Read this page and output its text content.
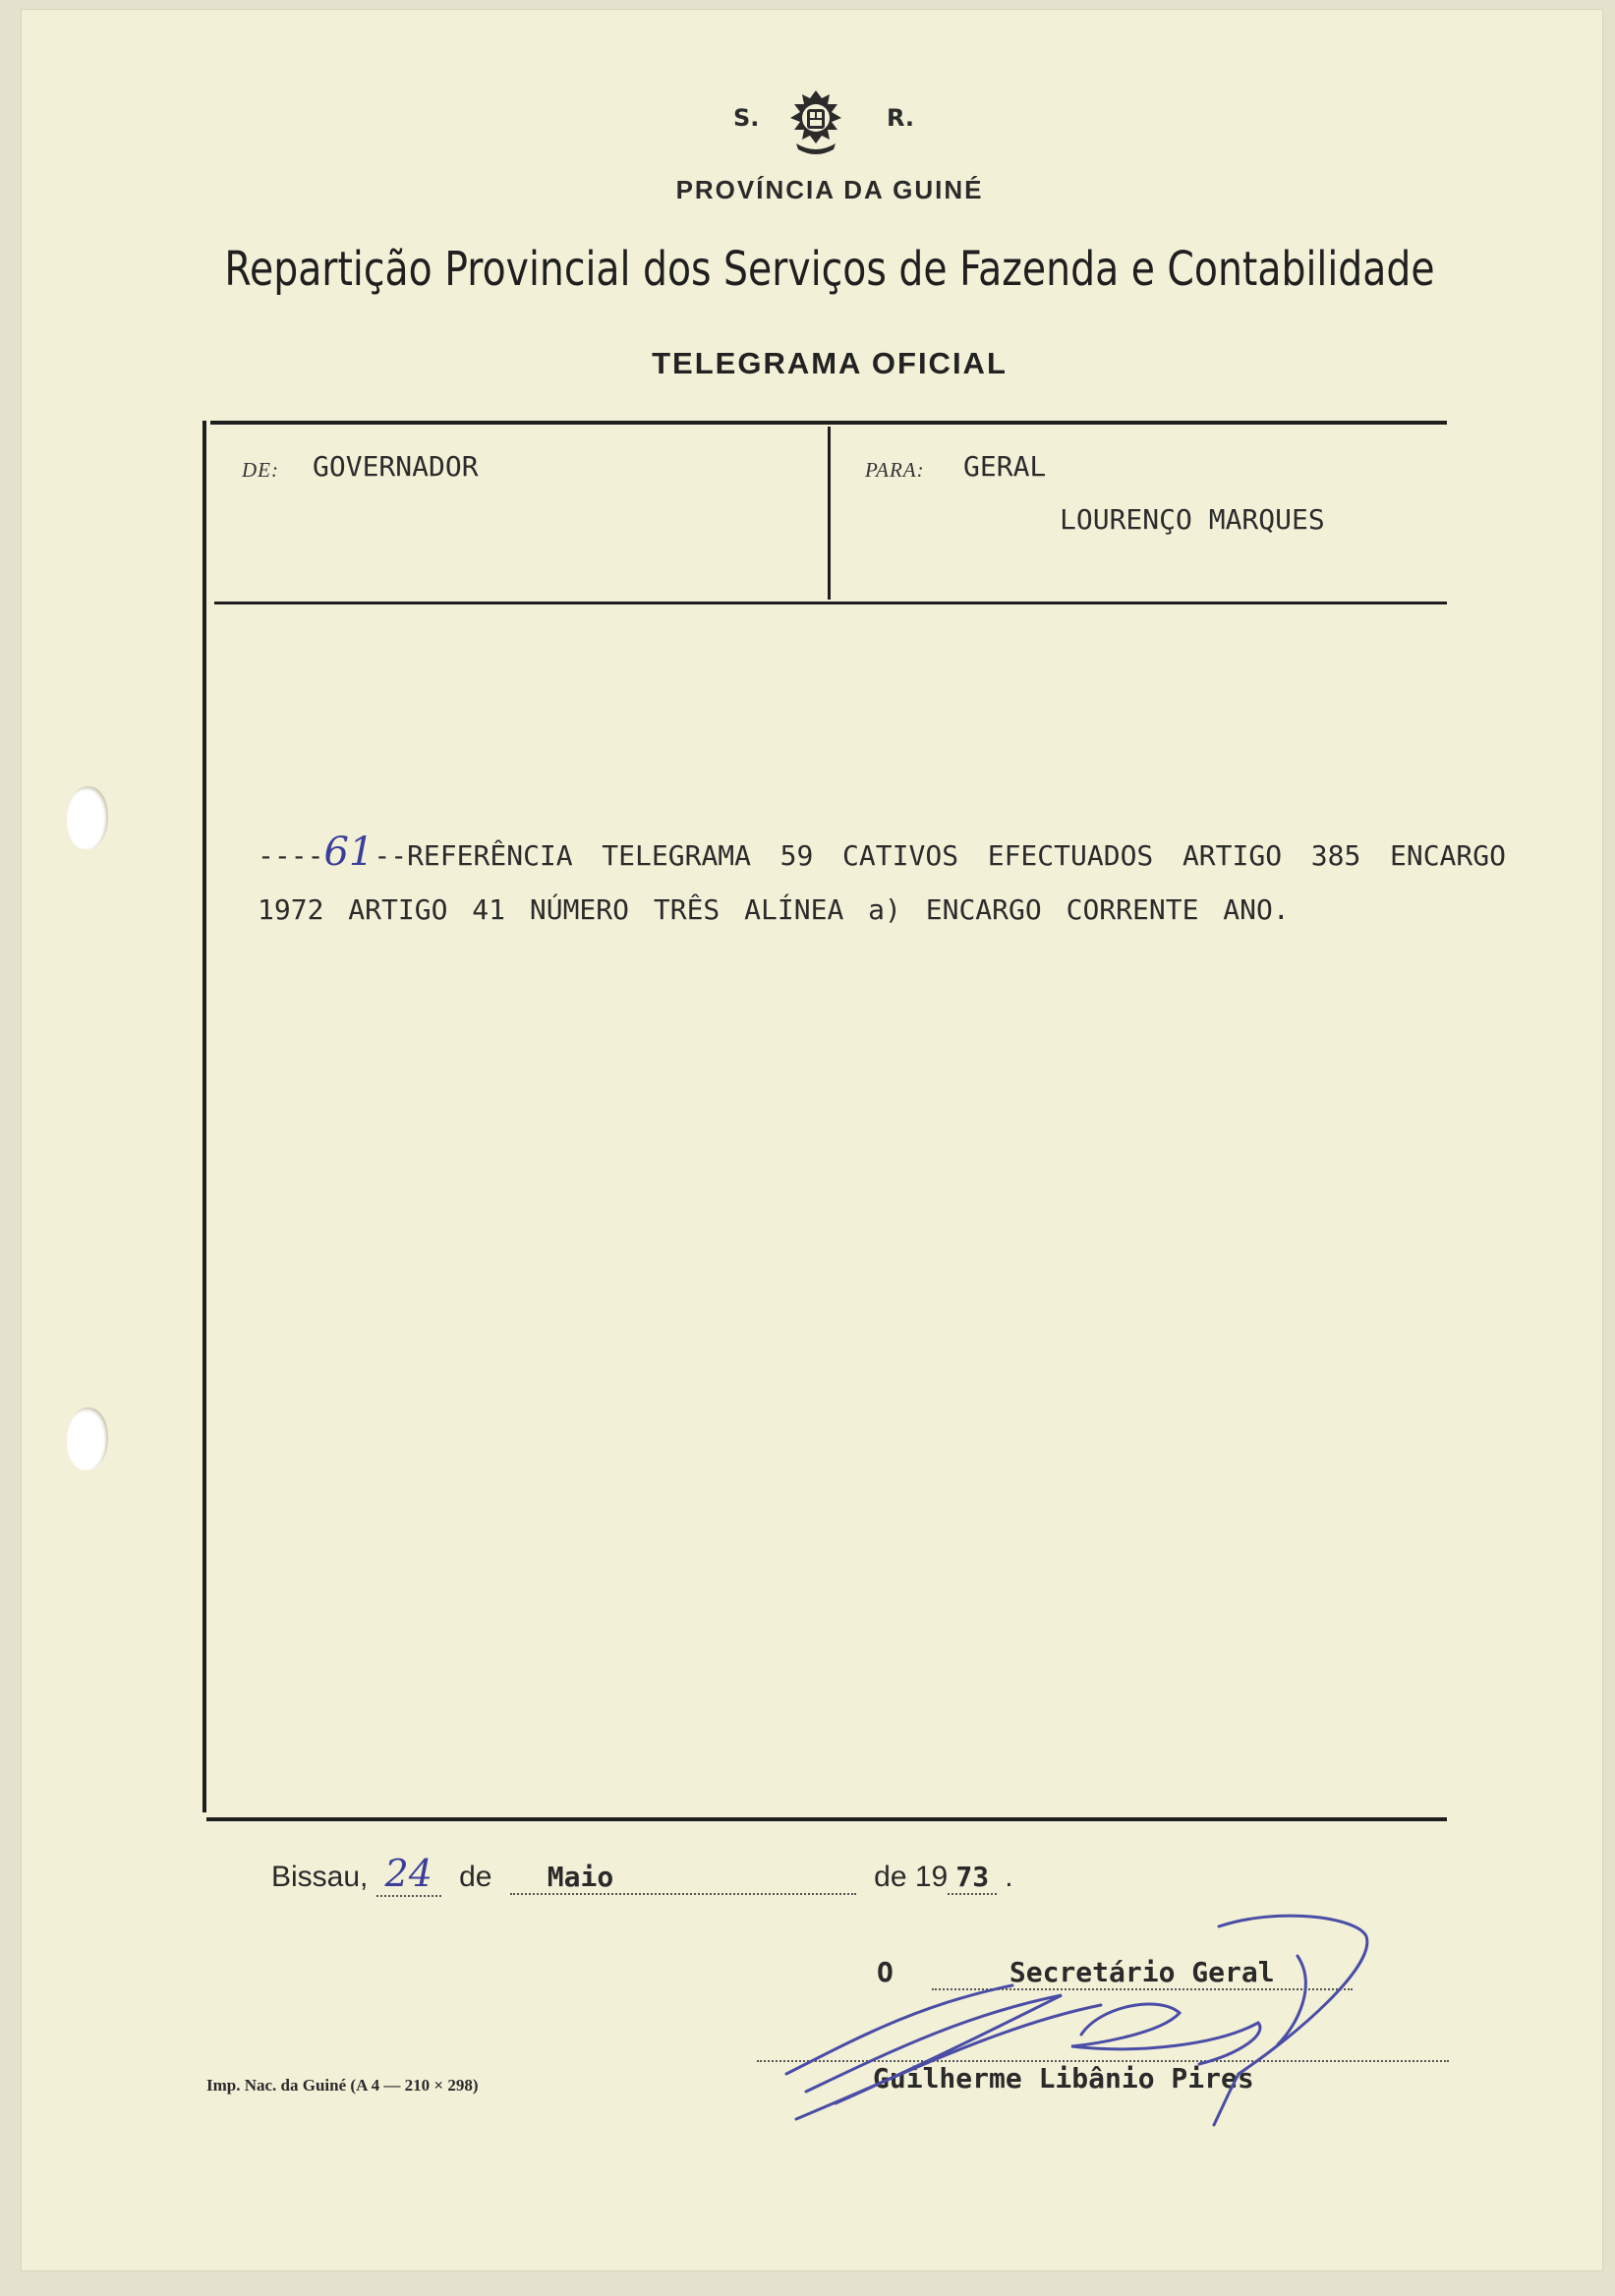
S.	R.
PROVÍNCIA DA GUINÉ
Repartição Provincial dos Serviços de Fazenda e Contabilidade
TELEGRAMA OFICIAL
DE: GOVERNADOR	PARA: GERAL
LOURENÇO MARQUES
----61--REFERÊNCIA TELEGRAMA 59 CATIVOS EFECTUADOS ARTIGO 385 ENCARGO 1972 ARTIGO 41 NÚMERO TRÊS ALÍNEA a) ENCARGO CORRENTE ANO.
Bissau, 24 de Maio	de 19 73 .
O	Secretário Geral
Guilherme Libânio Pires
Imp. Nac. da Guiné (A 4 — 210 × 298)
